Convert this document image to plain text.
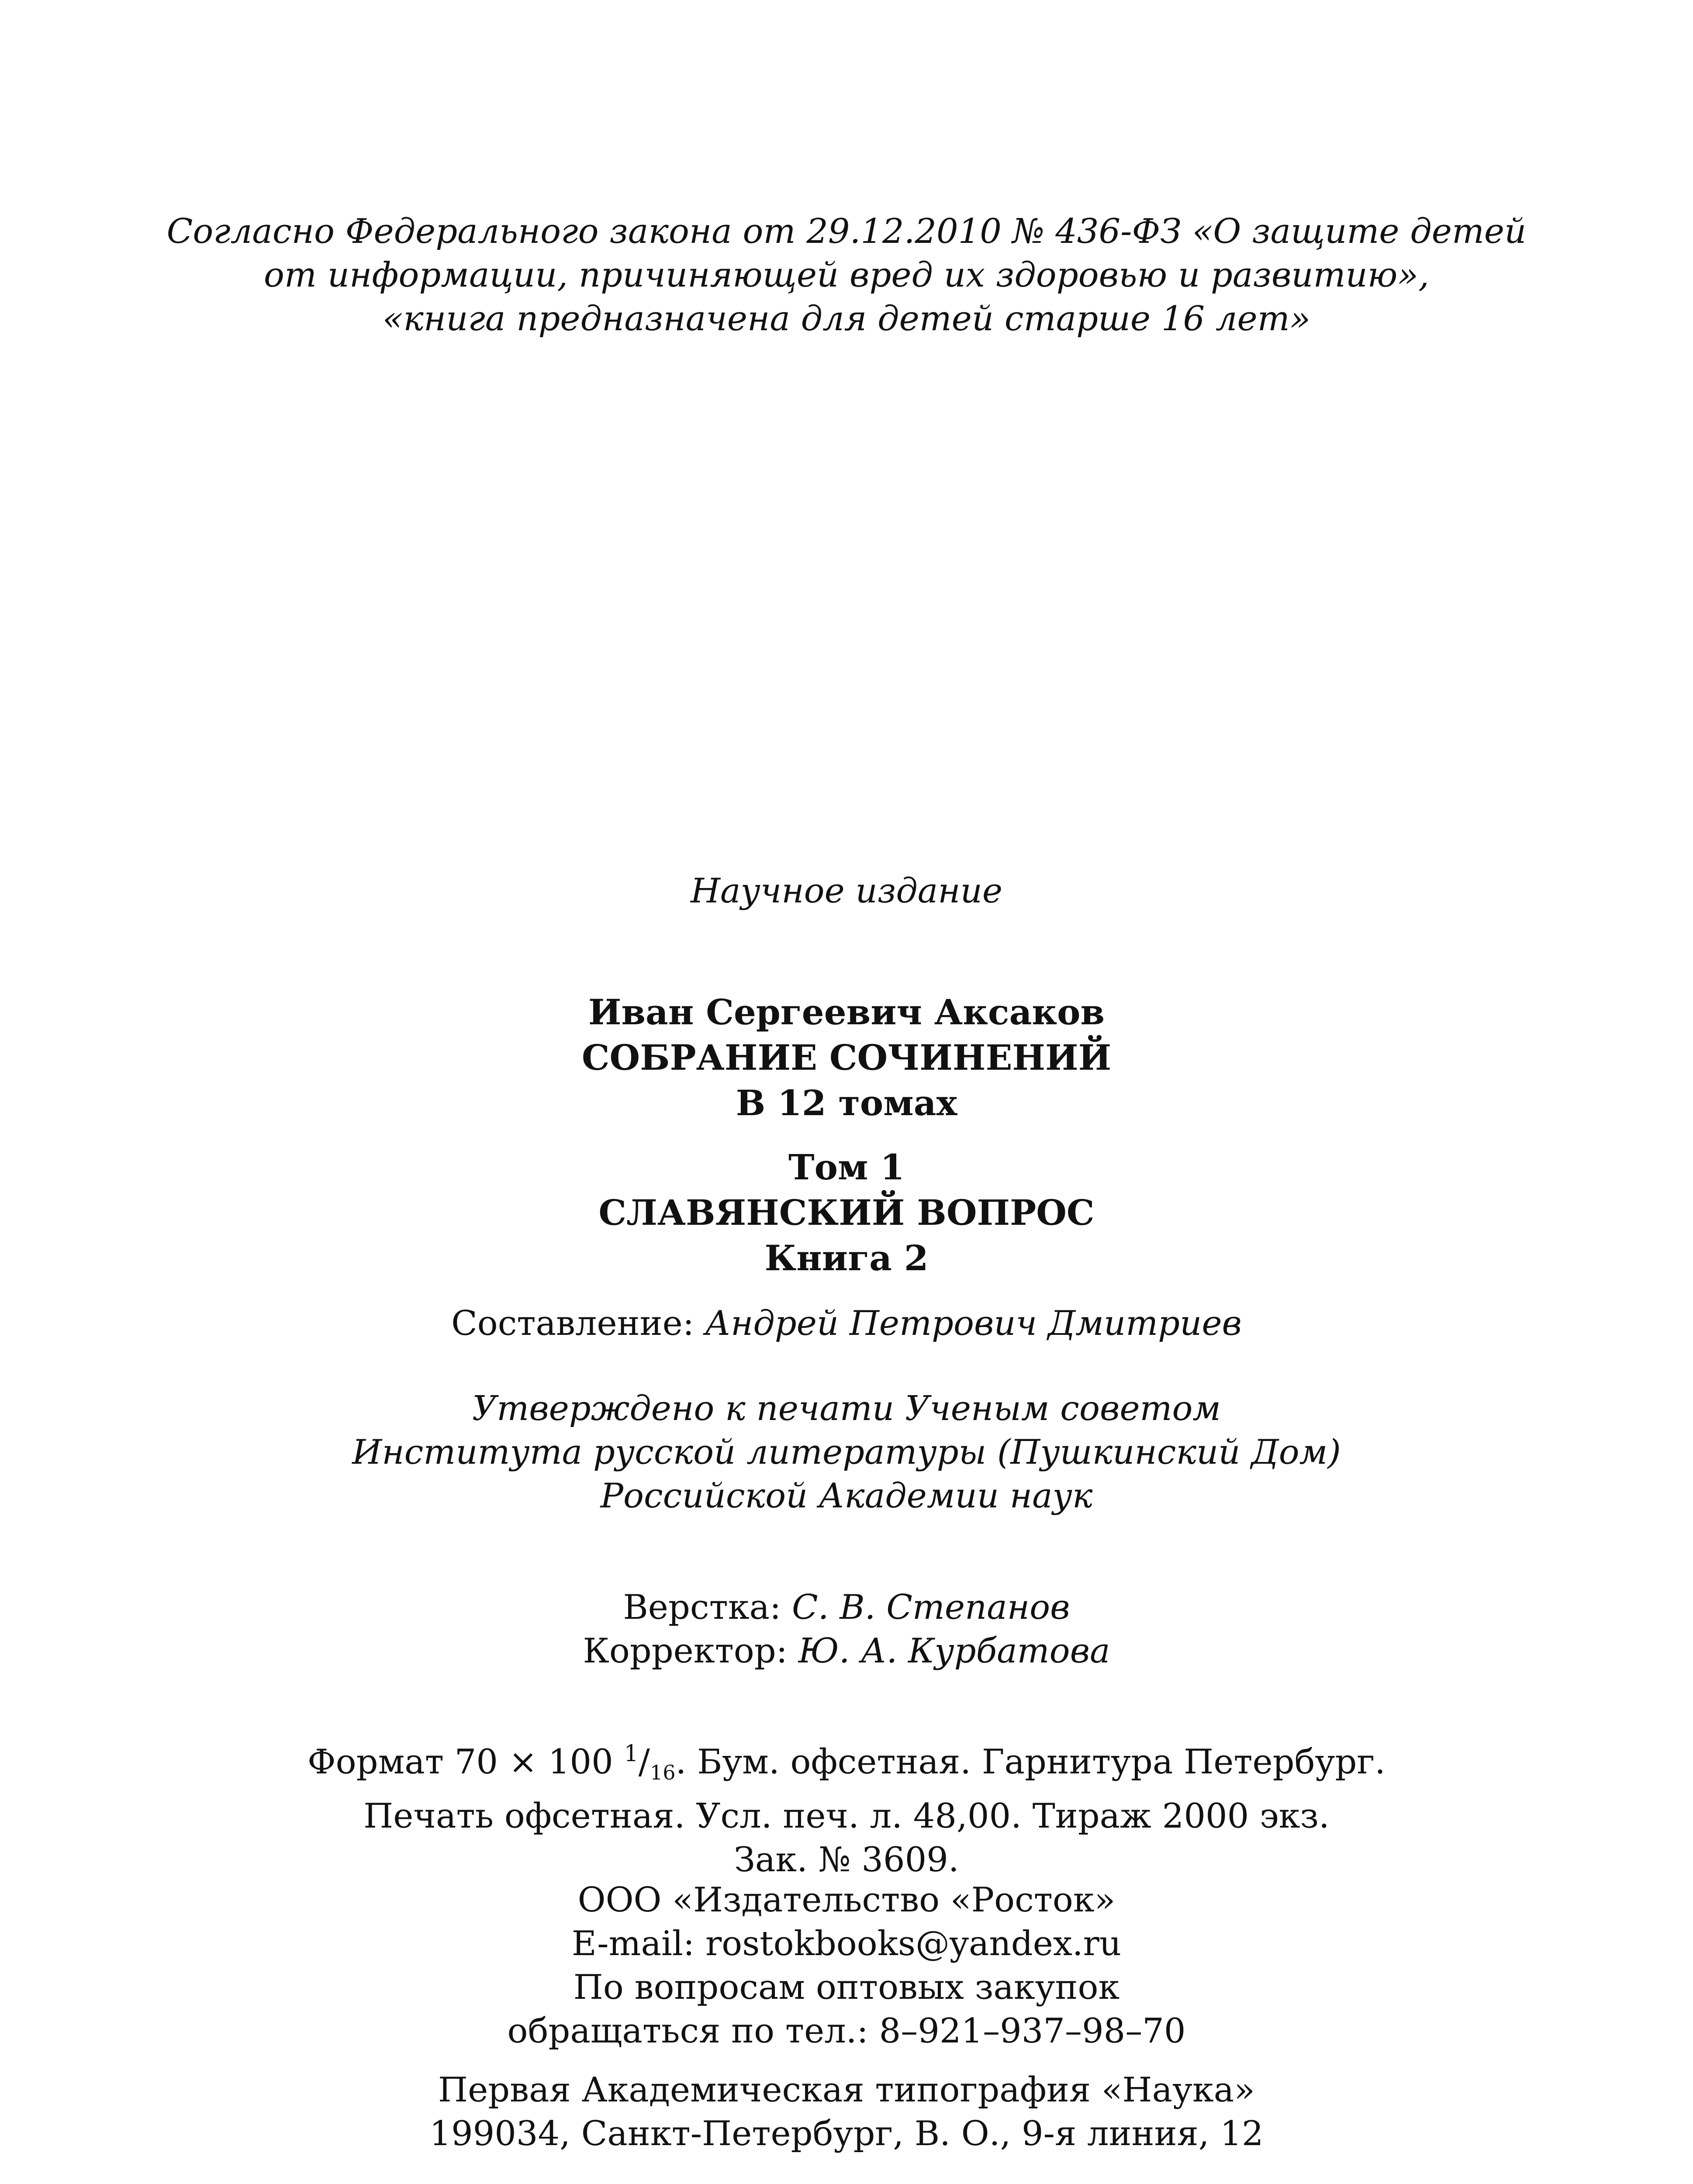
Согласно Федерального закона от 29.12.2010 № 436-ФЗ «О защите детей
от информации, причиняющей вред их здоровью и развитию»,
«книга предназначена для детей старше 16 лет»
Научное издание
Иван Сергеевич Аксаков
СОБРАНИЕ СОЧИНЕНИЙ
В 12 томах
Том 1
СЛАВЯНСКИЙ ВОПРОС
Книга 2
Составление: Андрей Петрович Дмитриев
Утверждено к печати Ученым советом
Института русской литературы (Пушкинский Дом)
Российской Академии наук
Верстка: С. В. Степанов
Корректор: Ю. А. Курбатова
Формат 70 × 100 $^1$/16. Бум. офсетная. Гарнитура Петербург.
Печать офсетная. Усл. печ. л. 48,00. Тираж 2000 экз.
Зак. № 3609.
ООО «Издательство «Росток»
E-mail: rostokbooks@yandex.ru
По вопросам оптовых закупок
обращаться по тел.: 8–921–937–98–70
Первая Академическая типография «Наука»
199034, Санкт-Петербург, В. О., 9-я линия, 12
